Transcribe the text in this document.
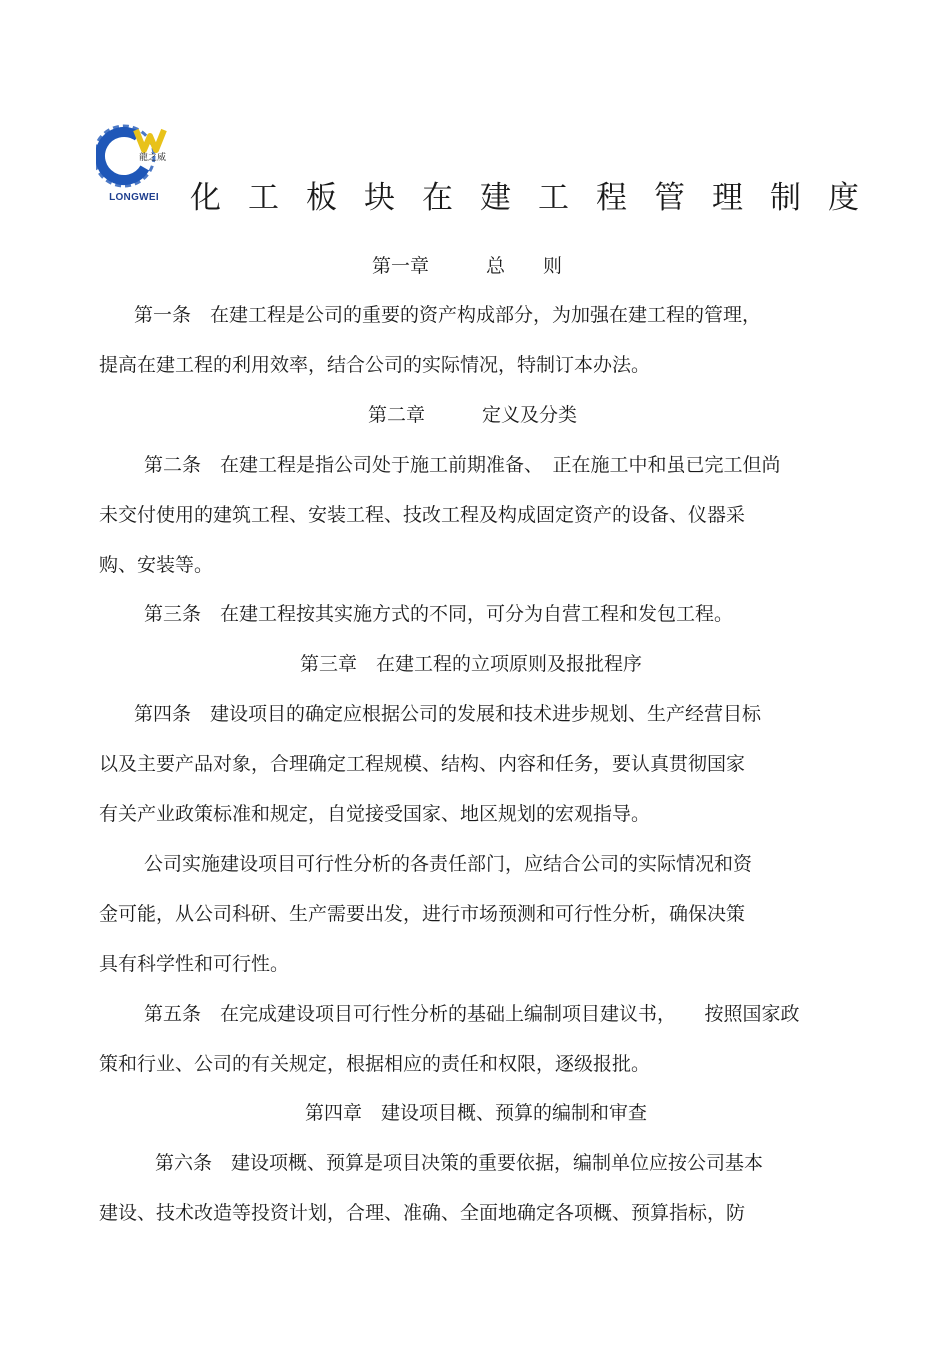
龍之威
LONGWEI	化工板块在建工程管理制度
第一章　　　总　　则
第一条　在建工程是公司的重要的资产构成部分，为加强在建工程的管理，
提高在建工程的利用效率，结合公司的实际情况，特制订本办法。
第二章　　　定义及分类
第二条　在建工程是指公司处于施工前期准备、　正在施工中和虽已完工但尚
未交付使用的建筑工程、安装工程、技改工程及构成固定资产的设备、仪器采
购、安装等。
第三条　在建工程按其实施方式的不同，可分为自营工程和发包工程。
第三章　在建工程的立项原则及报批程序
第四条　建设项目的确定应根据公司的发展和技术进步规划、生产经营目标
以及主要产品对象，合理确定工程规模、结构、内容和任务，要认真贯彻国家
有关产业政策标准和规定，自觉接受国家、地区规划的宏观指导。
公司实施建设项目可行性分析的各责任部门，应结合公司的实际情况和资
金可能，从公司科研、生产需要出发，进行市场预测和可行性分析，确保决策
具有科学性和可行性。
第五条　在完成建设项目可行性分析的基础上编制项目建议书，　　按照国家政
策和行业、公司的有关规定，根据相应的责任和权限，逐级报批。
第四章　建设项目概、预算的编制和审查
第六条　建设项概、预算是项目决策的重要依据，编制单位应按公司基本
建设、技术改造等投资计划，合理、准确、全面地确定各项概、预算指标，防
